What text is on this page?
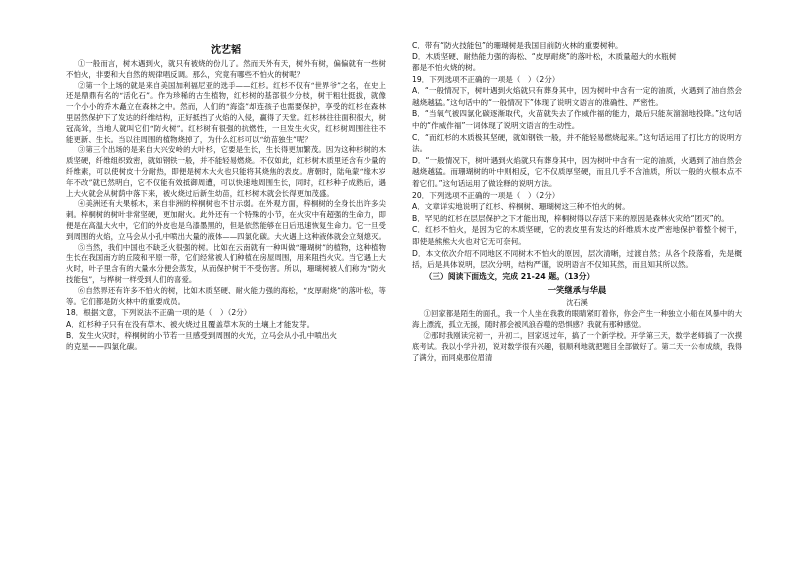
沈艺韬

①一般而言，树木遇到火，就只有被烧的份儿了。然而天外有天，树外有树，偏偏就有一些树不怕火，非要和大自然的规律唱反调。那么，究竟有哪些不怕火的树呢？

②第一个上场的就是来自美国加利福尼亚的选手——红杉。红杉不仅有“世界爷”之名，在史上还是鼎鼎有名的“活化石”。作为珍稀的古生植物，红杉树的基部很少分枝，树干粗壮挺拔，就像一个小小的乔木矗立在森林之中。然而，人们的“海盗”却连孩子也需要保护，享受的红杉在森林里居然保护下了发达的纤维结构，正好抵挡了火焰的入侵，赢得了天堂。红杉林往往面积很大，树冠高耸，当地人就叫它们“防火树”。红杉树有很强的抗燃性，一旦发生火灾，红杉树周围往往不能更新、生长。当以往周围的植物烧掉了，为什么红杉可以“幼苗独生”呢？

③第三个出场的是来自大兴安岭的大叶杉，它要是生长，生长得更加繁茂。因为这种杉树的木质坚硬，纤维组织致密，就如钢铁一般，并不能轻易燃烧。不仅如此，红杉树木质里还含有少量的纤维素，可以使树皮十分耐热，即便是树木大火也只能将其烧焦的表皮。唐朝时，陆龟蒙“缘木岁年不改”就已然明白，它不仅能有效抵御周遭，可以快速地周围生长，同时，红杉种子成熟后，遇上大火就会从树荫中落下来，被火烧过后新生幼苗，红杉树木就会长得更加茂盛。

④美洲还有大果栎木，来自非洲的梓桐树也不甘示弱。在外观方面，梓桐树的全身长出许多尖刺。梓桐树的树叶非常坚硬，更加耐火。此外还有一个特殊的小节，在火灾中有超强的生命力，即便是在高温大火中，它们的外皮也是乌漆墨黑的，但是依然能够在日后迅速恢复生命力。它一旦受到周围的火焰，立马会从小孔中喷出大量的液体——四氯化碳。大火遇上这种液体就会立刻熄灭。

⑤当然，我们中国也不缺乏火很强的树。比如在云南就有一种叫做“珊瑚树”的植物，这种植物生长在我国南方的丘陵和平原一带，它们经常被人们种植在房屋周围，用来阻挡火灾。当它遇上大火时，叶子里含有的大量水分便会蒸发，从而保护树干不受伤害。所以，珊瑚树被人们称为“防火技能包”，与桦树一样受到人们的喜爱。

⑥自然界还有许多不怕火的树，比如木质坚硬、耐火能力强的海松，“皮厚耐烧”的落叶松，等等。它们都是防火林中的重要成员。

18．根据文意，下列说法不正确一项的是（　）（2分）

A．红杉种子只有在没有草木、被火烧过且覆盖草木灰的土壤上才能发芽。

B．发生火灾时，梓桐树的小节若一旦感受到周围的火光，立马会从小孔中喷出火

的克星——四氯化碳。

C．带有“防火技能包”的珊瑚树是我国目前防火林的重要树种。

D．木质坚硬、耐热能力强的海松、“皮厚耐烧”的落叶松，木质量超大的水瓶树

都是不怕火烧的树。

19．下列选项不正确的一项是（　）（2分）

A．“一般情况下，树叶遇到火焰就只有葬身其中，因为树叶中含有一定的油质，火遇到了油自然会越烧越猛。”这句话中的“一般情况下”体现了说明文语言的准确性、严密性。

B．“当氧气被四氯化碳逐渐取代，火苗就失去了作威作福的能力，最后只能灰溜溜地投降。”这句话中的“作威作福”一词体现了说明文语言的生动性。

C．“而红杉的木质极其坚硬，就如钢铁一般，并不能轻易燃烧起来。”这句话运用了打比方的说明方法。

D．“一般情况下，树叶遇到火焰就只有葬身其中，因为树叶中含有一定的油质，火遇到了油自然会越烧越猛。而珊瑚树的叶中则相反，它不仅质厚坚硬，而且几乎不含油质，所以一般的火根本点不着它们。”这句话运用了做诠释的说明方法。

20．下列选项不正确的一项是（　）（2分）

A．文章详实地说明了红杉、梓桐树、珊瑚树这三种不怕火的树。

B．罕见的红杉在层层保护之下才能出现，梓桐树得以存活下来的原因是森林火灾给“团灭”的。

C．红杉不怕火，是因为它的木质坚硬，它的表皮里有发达的纤维质木皮严密地保护着整个树干，即使是熊熊大火也对它无可奈何。

D．本文依次介绍不同地区不同树木不怕火的原因，层次清晰，过渡自然；从各个段落看，先是概括，后是具体说明，层次分明，结构严谨，说明语言不仅知其然，而且知其所以然。

（三）阅读下面选文，完成 21-24 题。（13分）

一笑继承与华晨
沈石溪

①回家都是陌生的面孔，我一个人坐在我教的眼睛紧盯着你，你会产生一种独立小船在风暴中的大海上漂流，孤立无援，随时都会被风浪吞噬的恐惧感？我就有那种感觉。

②那时我刚读完初一，升初二，回家返过年，搞了一个新学校。开学第三天，数学老师搞了一次摸底考试。我以小学升初，说对数学很有兴趣，很顺利地就把题目全部做好了。第二天一公布成绩，我得了满分，而同桌那位眉清
